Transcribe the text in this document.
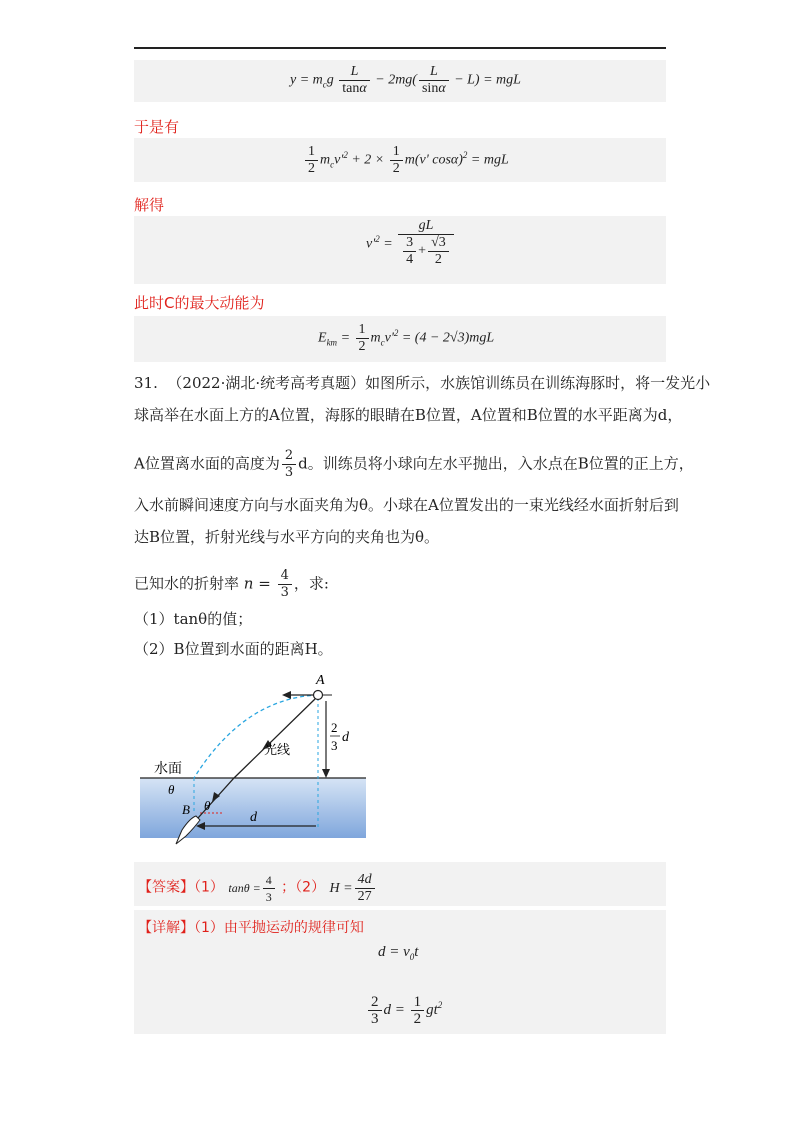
$y = m_cg \frac{L}{\tan\alpha} - 2mg( \frac{L}{\sin\alpha} - L)$ = mgL
于是有
$\frac{1}{2} m_cv'^2 + 2 \times \frac{1}{2} m(v'$ cosα)$^2$ = mgL
解得
$v'^2 = \frac{gL}{\frac{3}{4} + \frac{√3}{2}}$
此时C的最大动能为
$E_{km} = \frac{1}{2} m_cv'^2 = (4 - 2√3)mgL$
31. （2022·湖北·统考高考真题）如图所示，水族馆训练员在训练海豚时，将一发光小
球高举在水面上方的A位置，海豚的眼睛在B位置，A位置和B位置的水平距离为d，
A位置离水面的高度为 $\frac{2}{3}$ d。训练员将小球向左水平抛出，入水点在B位置的正上方，
入水前瞬间速度方向与水面夹角为θ。小球在A位置发出的一束光线经水面折射后到
达B位置，折射光线与水平方向的夹角也为θ。
已知水的折射率 $n = \frac{4}{3}$ ，求:
（1）tanθ的值；
（2）B位置到水面的距离H。
A
B
θ
θ
水面
光线
d
2
3
d
【答案】（1） $\tan\theta = \frac{4}{3}$ ；（2） $H = \frac{4d}{27}$
【详解】（1）由平抛运动的规律可知
$d = v_0t$
$\frac{2}{3}$ $d = \frac{1}{2} gt^2$
